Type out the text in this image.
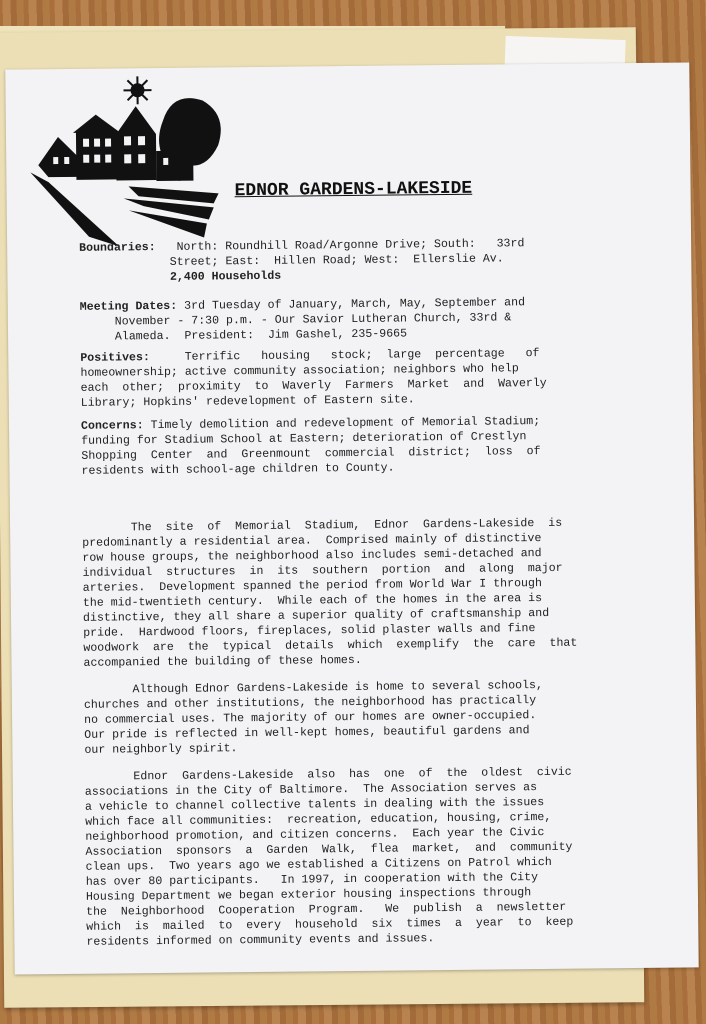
EDNOR GARDENS-LAKESIDE
Boundaries: North: Roundhill Road/Argonne Drive; South:   33rd
Street; East:  Hillen Road; West:  Ellerslie Av.
2,400 Households
Meeting Dates: 3rd Tuesday of January, March, May, September and
November - 7:30 p.m. - Our Savior Lutheran Church, 33rd &
Alameda.  President:  Jim Gashel, 235-9665
Positives:     Terrific   housing   stock;  large  percentage   of
homeownership; active community association; neighbors who help
each  other;  proximity  to  Waverly  Farmers  Market  and  Waverly
Library; Hopkins' redevelopment of Eastern site.
Concerns: Timely demolition and redevelopment of Memorial Stadium;
funding for Stadium School at Eastern; deterioration of Crestlyn
Shopping  Center  and  Greenmount  commercial  district;  loss  of
residents with school-age children to County.
The  site  of  Memorial  Stadium,  Ednor  Gardens-Lakeside  is
predominantly a residential area.  Comprised mainly of distinctive
row house groups, the neighborhood also includes semi-detached and
individual  structures  in  its  southern  portion  and  along  major
arteries.  Development spanned the period from World War I through
the mid-twentieth century.  While each of the homes in the area is
distinctive, they all share a superior quality of craftsmanship and
pride.  Hardwood floors, fireplaces, solid plaster walls and fine
woodwork  are  the  typical  details  which  exemplify  the  care  that
accompanied the building of these homes.
Although Ednor Gardens-Lakeside is home to several schools,
churches and other institutions, the neighborhood has practically
no commercial uses. The majority of our homes are owner-occupied.
Our pride is reflected in well-kept homes, beautiful gardens and
our neighborly spirit.
Ednor  Gardens-Lakeside  also  has  one  of  the  oldest  civic
associations in the City of Baltimore.  The Association serves as
a vehicle to channel collective talents in dealing with the issues
which face all communities:  recreation, education, housing, crime,
neighborhood promotion, and citizen concerns.  Each year the Civic
Association  sponsors  a  Garden  Walk,  flea  market,  and  community
clean ups.  Two years ago we established a Citizens on Patrol which
has over 80 participants.   In 1997, in cooperation with the City
Housing Department we began exterior housing inspections through
the  Neighborhood  Cooperation  Program.   We  publish  a  newsletter
which  is  mailed  to  every  household  six  times  a  year  to  keep
residents informed on community events and issues.
